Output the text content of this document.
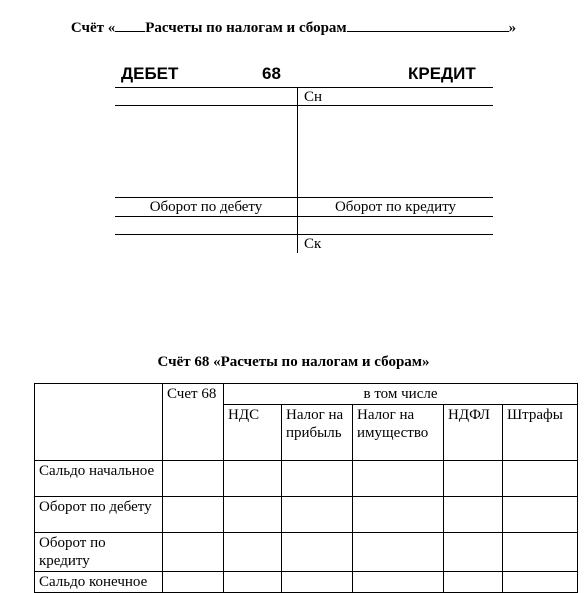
Счёт « Расчеты по налогам и сборам	»
ДЕБЕТ	68	КРЕДИТ
Сн
Оборот по дебету	Оборот по кредиту
Ск
Счёт 68 «Расчеты по налогам и сборам»
	Счет 68	в том числе				
		НДС	Налог на прибыль	Налог на имущество	НДФЛ	Штрафы
Сальдо начальное						
Оборот по дебету						
Оборот по кредиту						
Сальдо конечное						
